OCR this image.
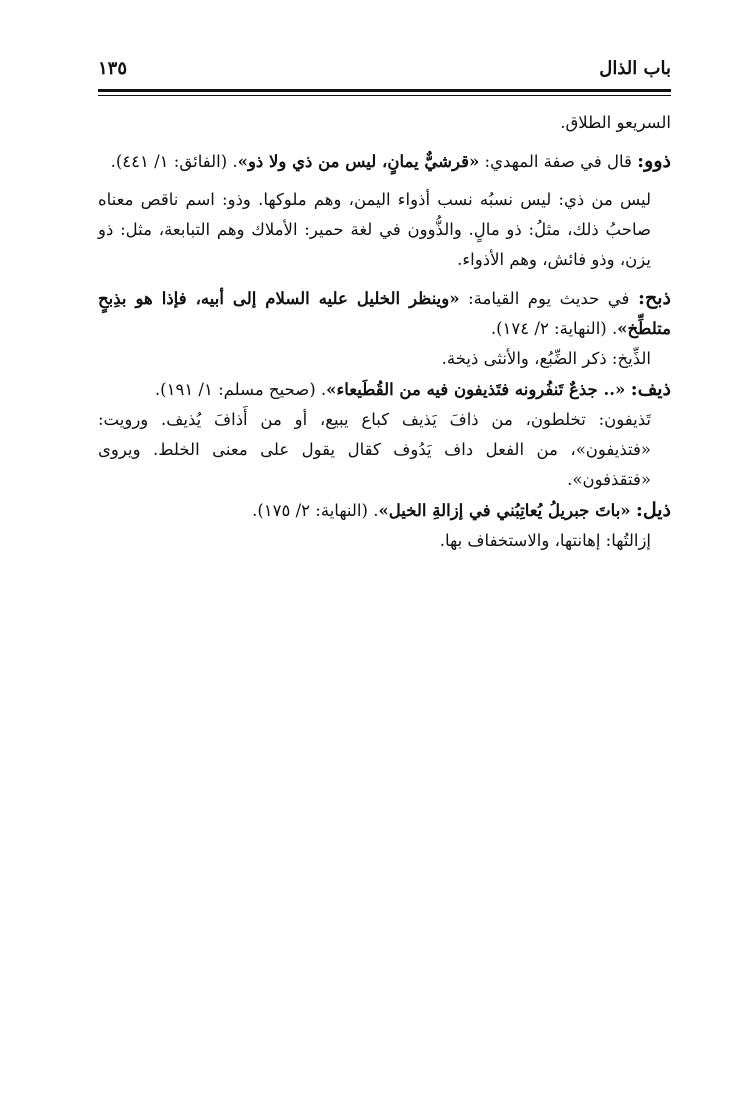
باب الذال
١٣٥

السريعو الطلاق.

ذوو: قال في صفة المهدي: «قرشيٌّ يمانٍ، ليس من ذي ولا ذو». (الفائق: ١/ ٤٤١).

ليس من ذي: ليس نسبُه نسب أذواء اليمن، وهم ملوكها. وذو: اسم ناقص معناه صاحبُ ذلك، مثلُ: ذو مالٍ. والذُّوون في لغة حمير: الأملاك وهم التبابعة، مثل: ذو يزن، وذو فائش، وهم الأذواء.

ذبح: في حديث يوم القيامة: «وينظر الخليل عليه السلام إلى أبيه، فإذا هو بذِبحٍ متلطِّخ». (النهاية: ٢/ ١٧٤).

الذِّيخ: ذكر الضِّبُع، والأنثى ذيخة.

ذيف: «.. جذعٌ تَنفُرونه فتَذيفون فيه من القُطَيعاء». (صحيح مسلم: ١/ ١٩١).

تَذيفون: تخلطون، من ذافَ يَذيف كباع يبيع، أو من أَذافَ يُذيف. ورويت: «فتذيفون»، من الفعل داف يَدُوف كقال يقول على معنى الخلط. ويروى «فتقذفون».

ذيل: «باتَ جبريلُ يُعاتِبُني في إزالةِ الخيل». (النهاية: ٢/ ١٧٥).

إزالتُها: إهانتها، والاستخفاف بها.
